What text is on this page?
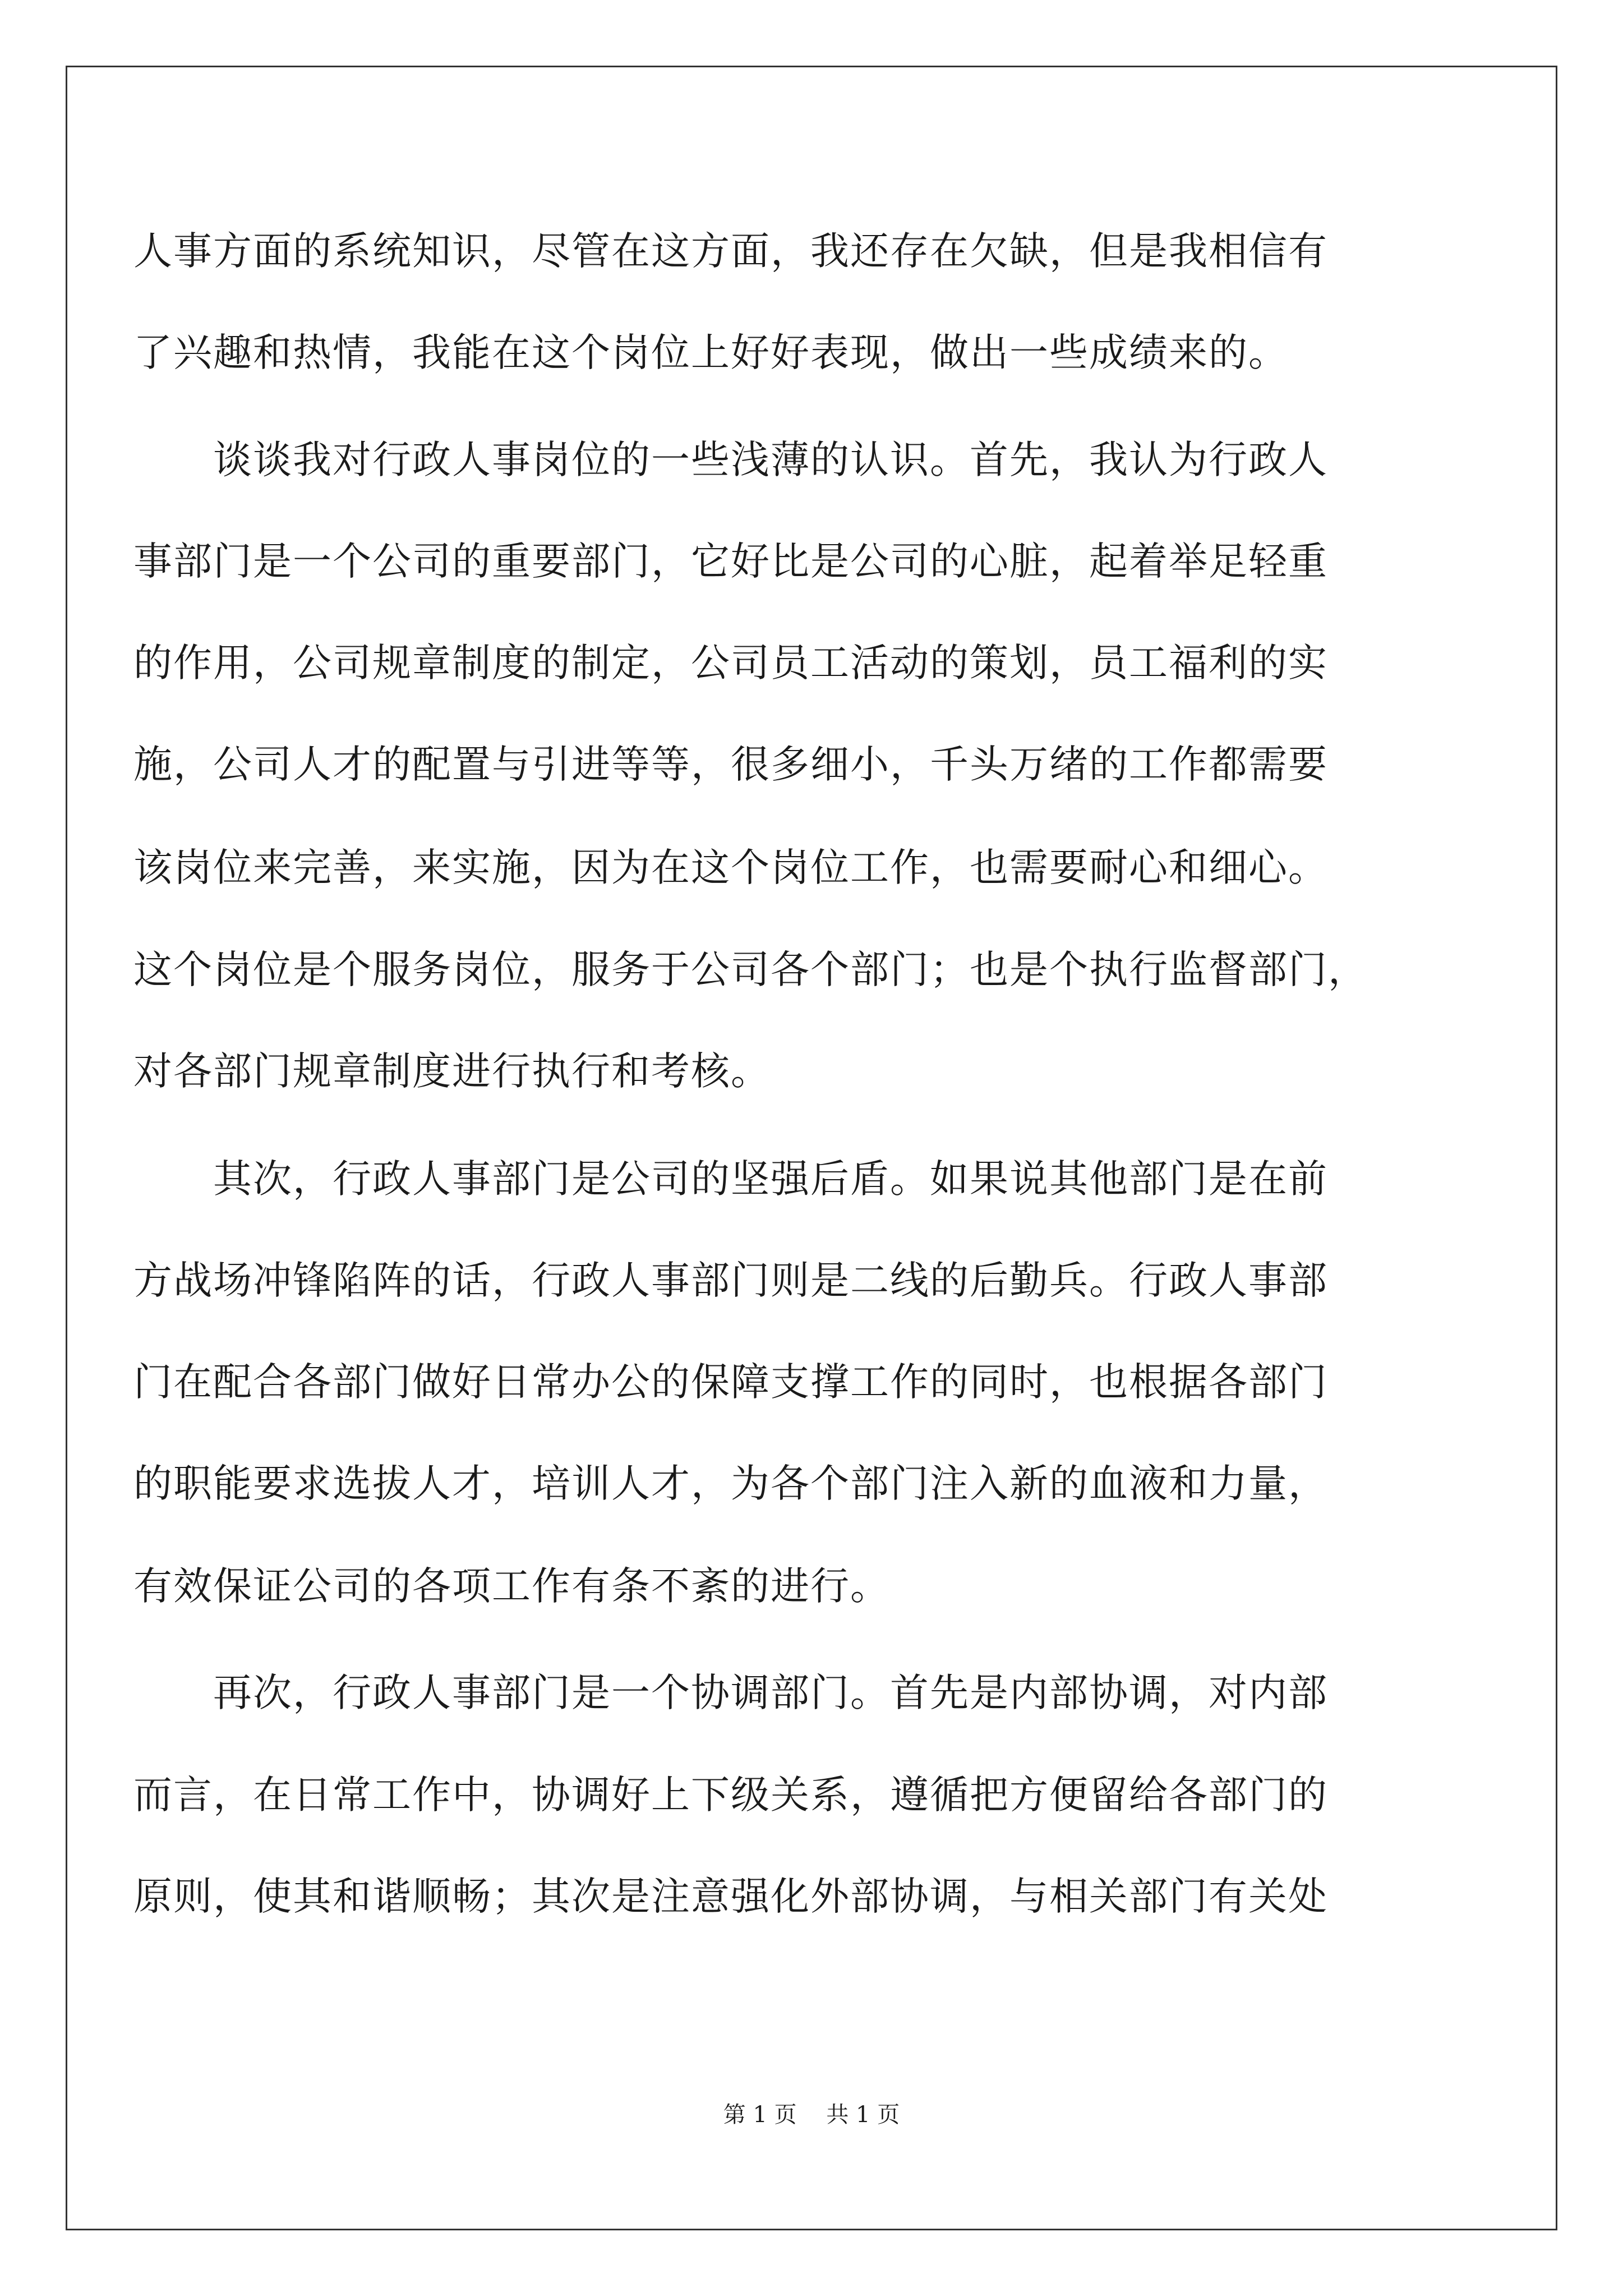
人事方面的系统知识，尽管在这方面，我还存在欠缺，但是我相信有
了兴趣和热情，我能在这个岗位上好好表现，做出一些成绩来的。
　　谈谈我对行政人事岗位的一些浅薄的认识。首先，我认为行政人
事部门是一个公司的重要部门，它好比是公司的心脏，起着举足轻重
的作用，公司规章制度的制定，公司员工活动的策划，员工福利的实
施，公司人才的配置与引进等等，很多细小，千头万绪的工作都需要
该岗位来完善，来实施，因为在这个岗位工作，也需要耐心和细心。
这个岗位是个服务岗位，服务于公司各个部门；也是个执行监督部门，
对各部门规章制度进行执行和考核。
　　其次，行政人事部门是公司的坚强后盾。如果说其他部门是在前
方战场冲锋陷阵的话，行政人事部门则是二线的后勤兵。行政人事部
门在配合各部门做好日常办公的保障支撑工作的同时，也根据各部门
的职能要求选拔人才，培训人才，为各个部门注入新的血液和力量，
有效保证公司的各项工作有条不紊的进行。
　　再次，行政人事部门是一个协调部门。首先是内部协调，对内部
而言，在日常工作中，协调好上下级关系，遵循把方便留给各部门的
原则，使其和谐顺畅；其次是注意强化外部协调，与相关部门有关处
第 1 页　 共 1 页
